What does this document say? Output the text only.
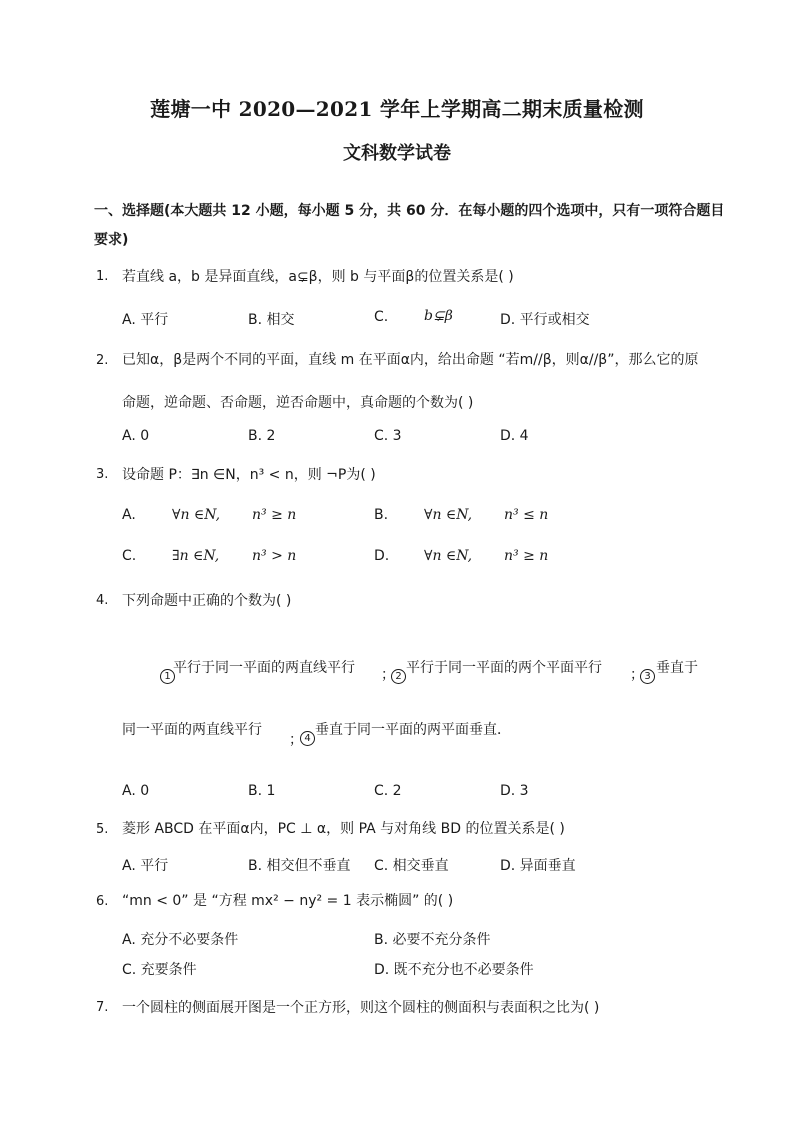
莲塘一中 2020—2021 学年上学期高二期末质量检测
文科数学试卷
一、选择题(本大题共 12 小题，每小题 5 分，共 60 分．在每小题的四个选项中，只有一项符合题目
要求)
1. 若直线 a，b 是异面直线，a⊊β，则 b 与平面β的位置关系是( )
A. 平行	B. 相交	C.	b⊊β	D. 平行或相交
2. 已知α，β是两个不同的平面，直线 m 在平面α内，给出命题 “若m//β，则α//β”，那么它的原
命题，逆命题、否命题，逆否命题中，真命题的个数为( )
A. 0	B. 2	C. 3	D. 4
3. 设命题 P：∃n ∈N，n³ < n，则 ¬P为( )
A.	∀n ∈N, n³ ≥ n	B.	∀n ∈N, n³ ≤ n
C.	∃n ∈N, n³ > n	D. ∀n ∈N, n³ ≥ n
4. 下列命题中正确的个数为( )
1
平行于同一平面的两直线平行 ； 2
平行于同一平面的两个平面平行 ； 3
垂直于
同一平面的两直线平行
； 4
垂直于同一平面的两平面垂直．
A. 0	B. 1	C. 2	D. 3
5. 菱形 ABCD 在平面α内，PC ⊥ α，则 PA 与对角线 BD 的位置关系是( )
A. 平行	B. 相交但不垂直 C. 相交垂直	D. 异面垂直
6. “mn < 0” 是 “方程 mx² − ny² = 1 表示椭圆” 的( )
A. 充分不必要条件	B. 必要不充分条件
C. 充要条件	D. 既不充分也不必要条件
7. 一个圆柱的侧面展开图是一个正方形，则这个圆柱的侧面积与表面积之比为( )
